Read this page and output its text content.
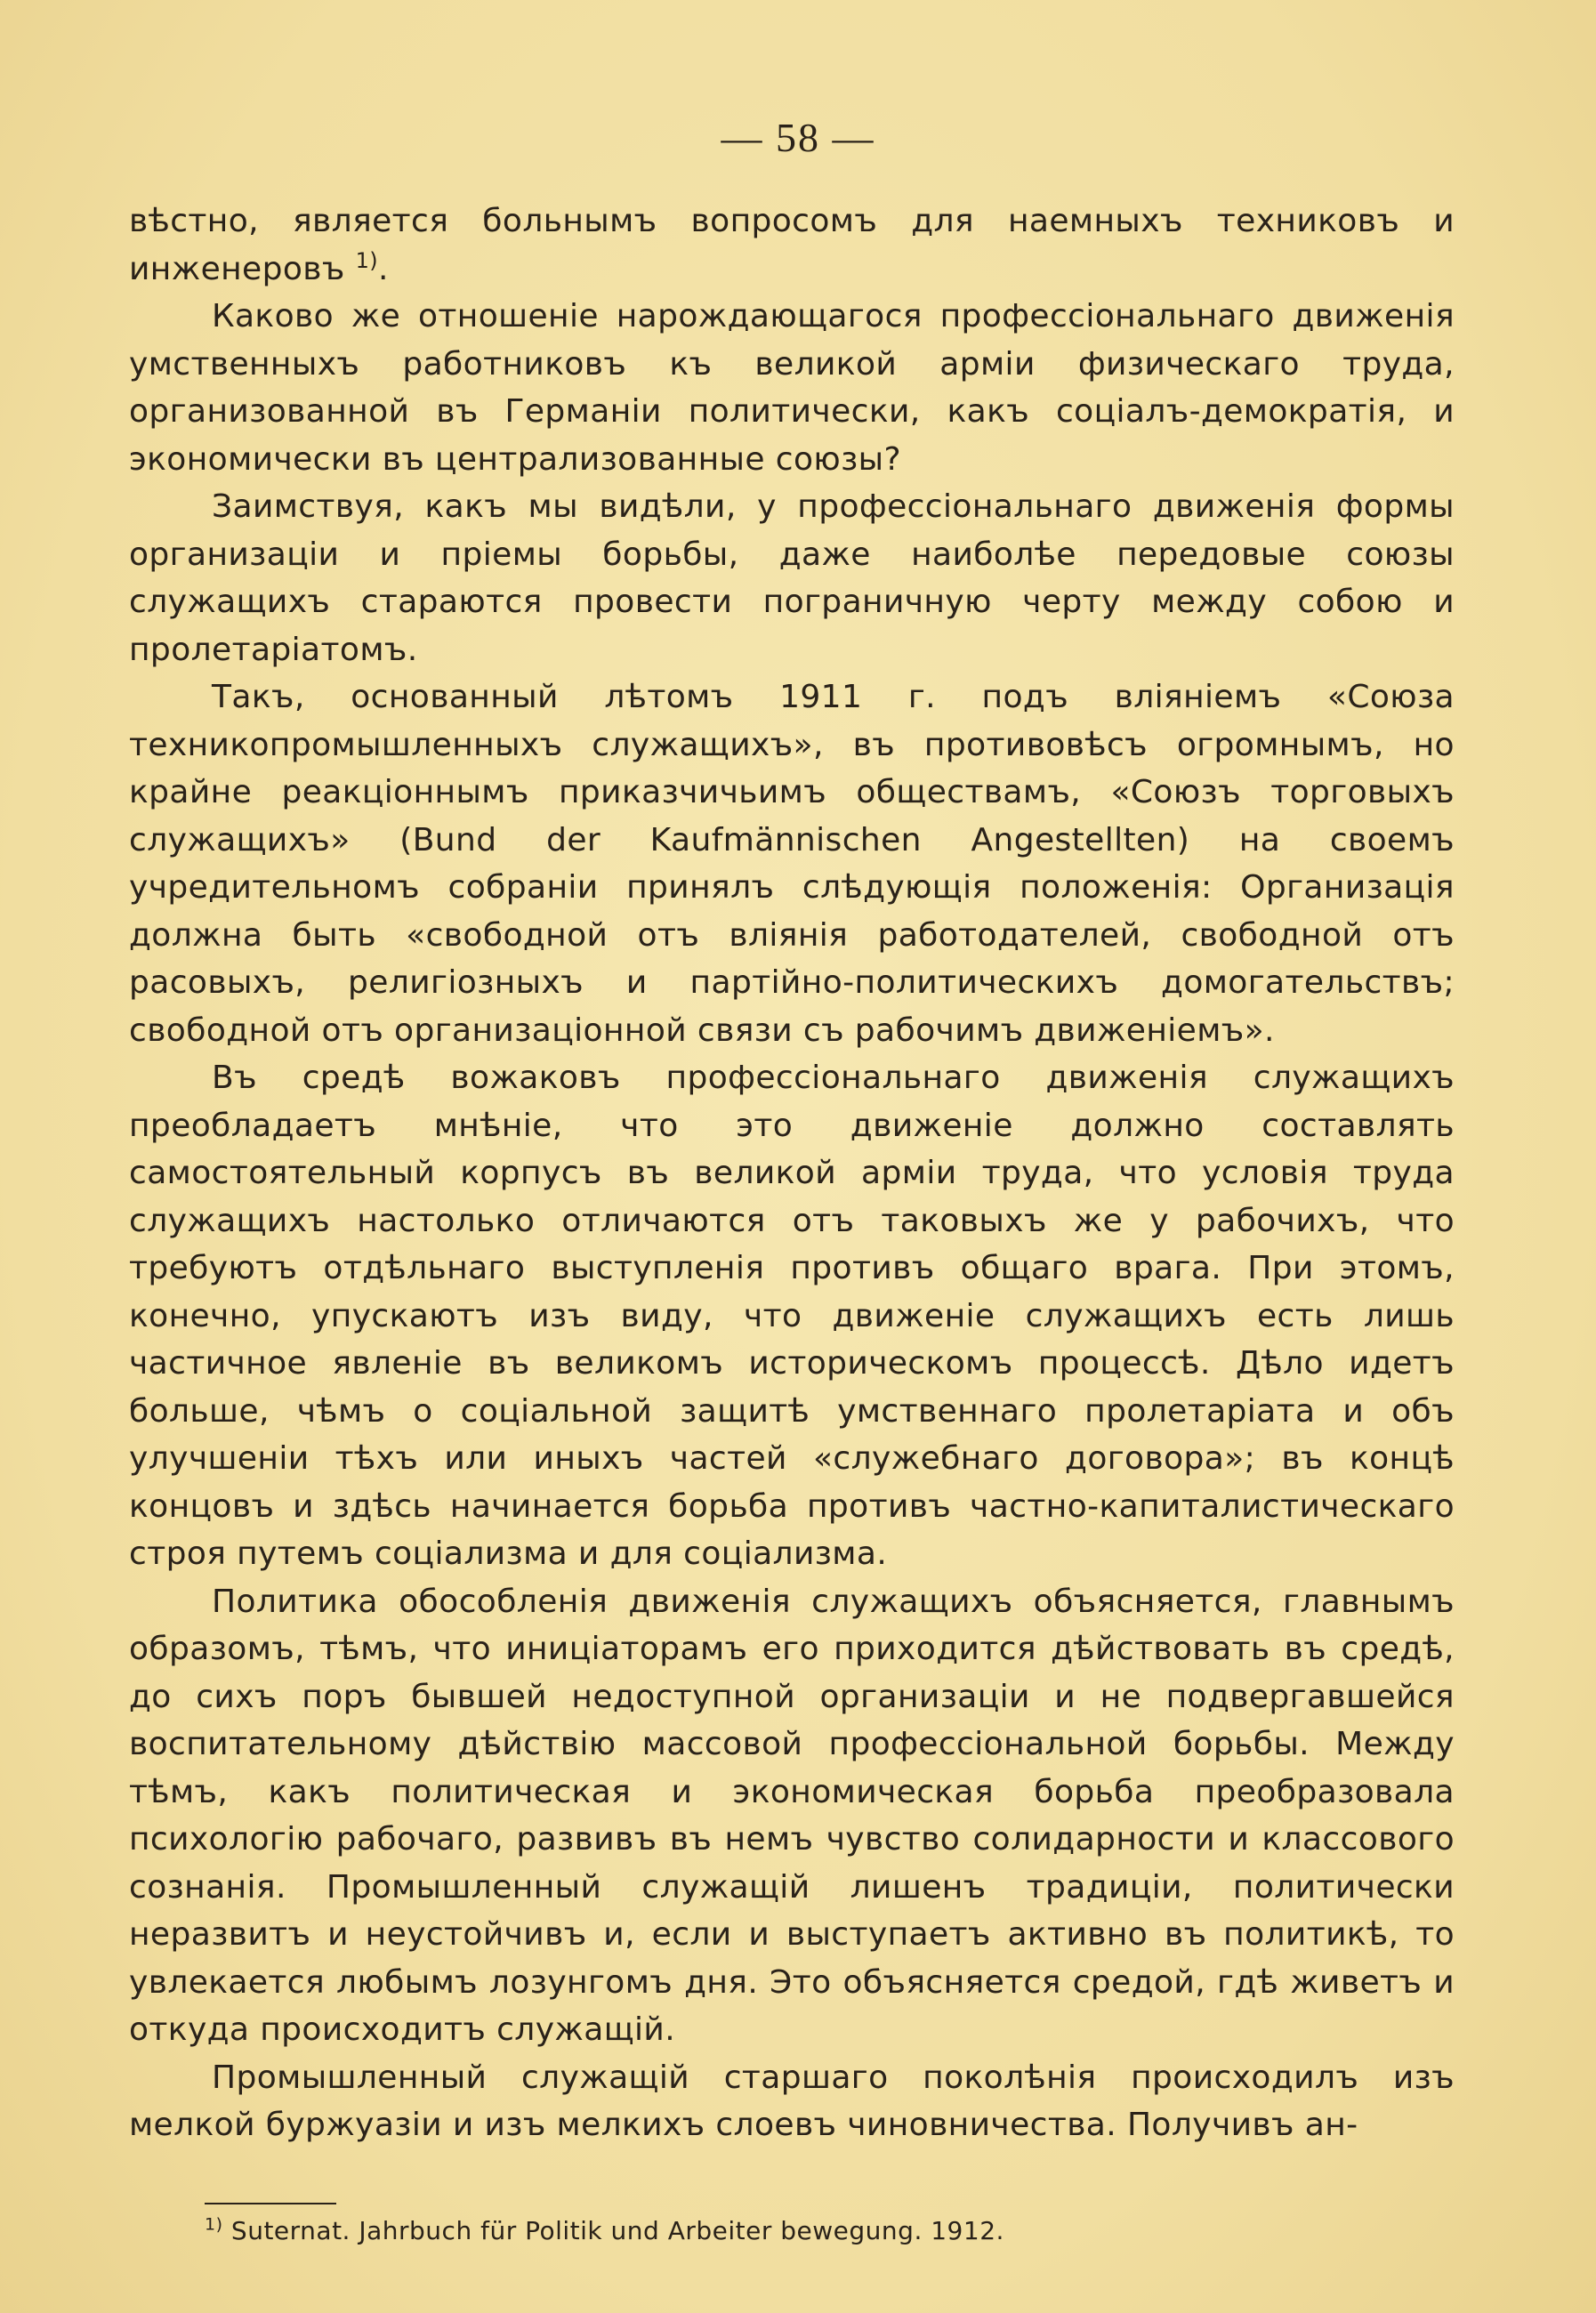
— 58 —

вѣстно, является больнымъ вопросомъ для наемныхъ техниковъ и инженеровъ $^{1)}$.

Каково же отношеніе нарождающагося профессіональнаго движенія умственныхъ работниковъ къ великой арміи физическаго труда, организованной въ Германіи политически, какъ соціалъ-демократія, и экономически въ централизованные союзы?

Заимствуя, какъ мы видѣли, у профессіональнаго движенія формы организаціи и пріемы борьбы, даже наиболѣе передовые союзы служащихъ стараются провести пограничную черту между собою и пролетаріатомъ.

Такъ, основанный лѣтомъ 1911 г. подъ вліяніемъ «Союза техникопромышленныхъ служащихъ», въ противовѣсъ огромнымъ, но крайне реакціоннымъ приказчичьимъ обществамъ, «Союзъ торговыхъ служащихъ» (Bund der Kaufmännischen Angestellten) на своемъ учредительномъ собраніи принялъ слѣдующія положенія: Организація должна быть «свободной отъ вліянія работодателей, свободной отъ расовыхъ, религіозныхъ и партійно-политическихъ домогательствъ; свободной отъ организаціонной связи съ рабочимъ движеніемъ».

Въ средѣ вожаковъ профессіональнаго движенія служащихъ преобладаетъ мнѣніе, что это движеніе должно составлять самостоятельный корпусъ въ великой арміи труда, что условія труда служащихъ настолько отличаются отъ таковыхъ же у рабочихъ, что требуютъ отдѣльнаго выступленія противъ общаго врага. При этомъ, конечно, упускаютъ изъ виду, что движеніе служащихъ есть лишь частичное явленіе въ великомъ историческомъ процессѣ. Дѣло идетъ больше, чѣмъ о соціальной защитѣ умственнаго пролетаріата и объ улучшеніи тѣхъ или иныхъ частей «служебнаго договора»; въ концѣ концовъ и здѣсь начинается борьба противъ частно-капиталистическаго строя путемъ соціализма и для соціализма.

Политика обособленія движенія служащихъ объясняется, главнымъ образомъ, тѣмъ, что иниціаторамъ его приходится дѣйствовать въ средѣ, до сихъ поръ бывшей недоступной организаціи и не подвергавшейся воспитательному дѣйствію массовой профессіональной борьбы. Между тѣмъ, какъ политическая и экономическая борьба преобразовала психологію рабочаго, развивъ въ немъ чувство солидарности и классового сознанія. Промышленный служащій лишенъ традиціи, политически неразвитъ и неустойчивъ и, если и выступаетъ активно въ политикѣ, то увлекается любымъ лозунгомъ дня. Это объясняется средой, гдѣ живетъ и откуда происходитъ служащій.

Промышленный служащій старшаго поколѣнія происходилъ изъ мелкой буржуазіи и изъ мелкихъ слоевъ чиновничества. Получивъ ан-

$^{1)}$ Suternat. Jahrbuch für Politik und Arbeiter bewegung. 1912.
